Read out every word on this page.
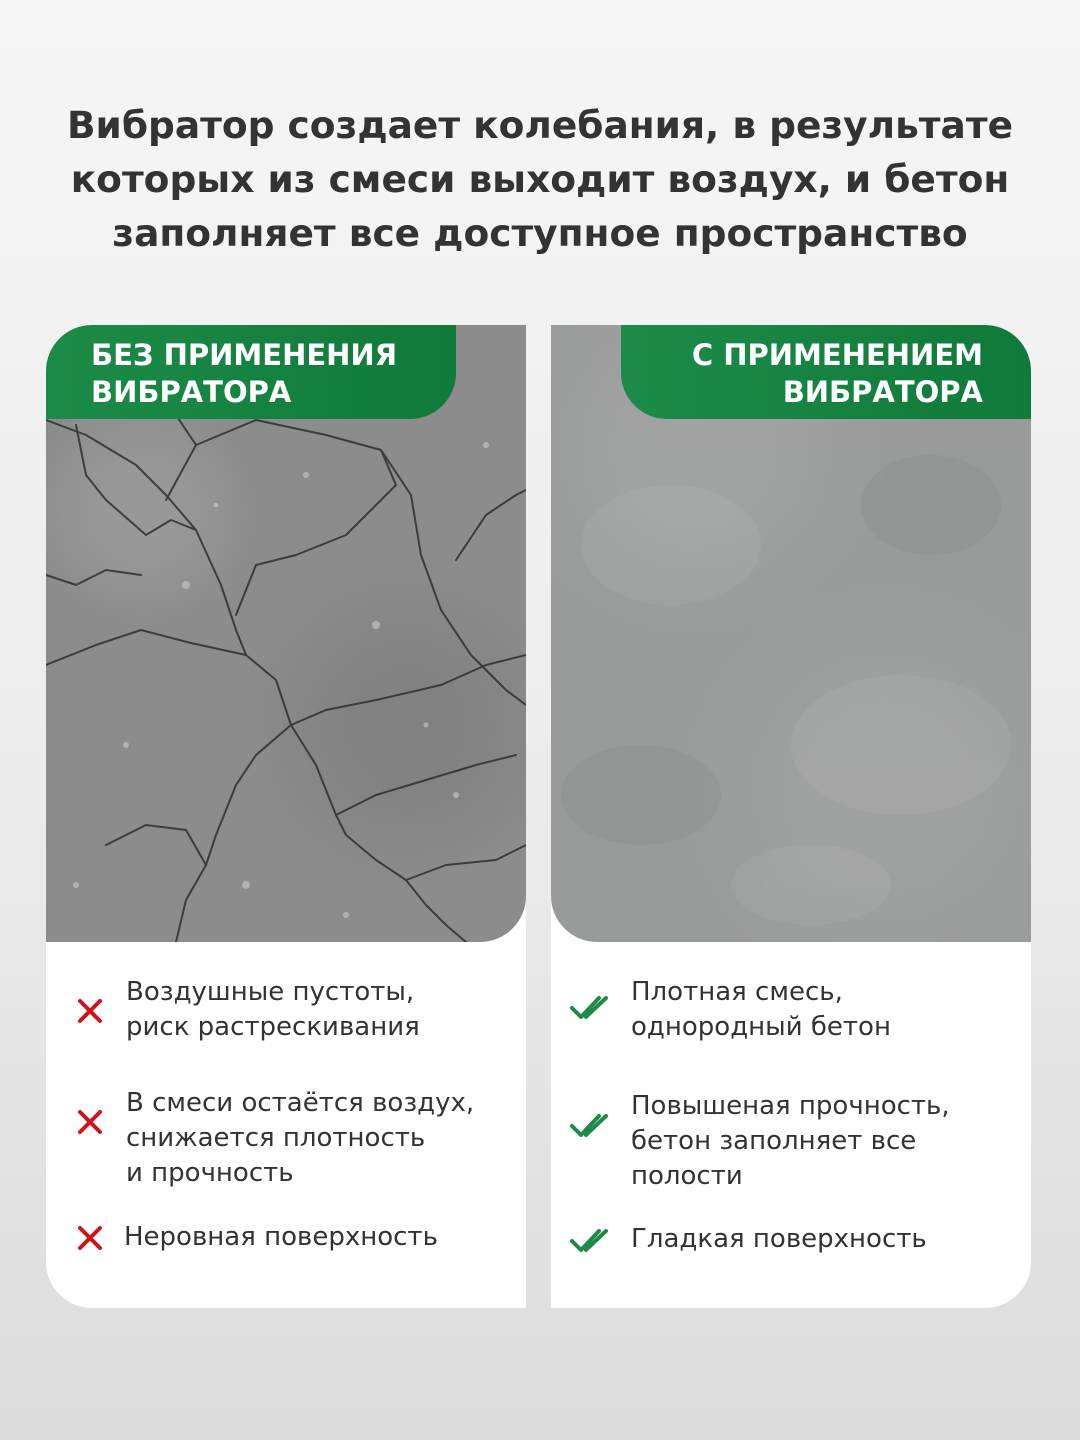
Вибратор создает колебания, в результате
которых из смеси выходит воздух, и бетон
заполняет все доступное пространство
БЕЗ ПРИМЕНЕНИЯ
ВИБРАТОРА
Воздушные пустоты,
риск растрескивания
В смеси остаётся воздух,
снижается плотность
и прочность
Неровная поверхность
С ПРИМЕНЕНИЕМ
ВИБРАТОРА
Плотная смесь,
однородный бетон
Повышеная прочность,
бетон заполняет все
полости
Гладкая поверхность
